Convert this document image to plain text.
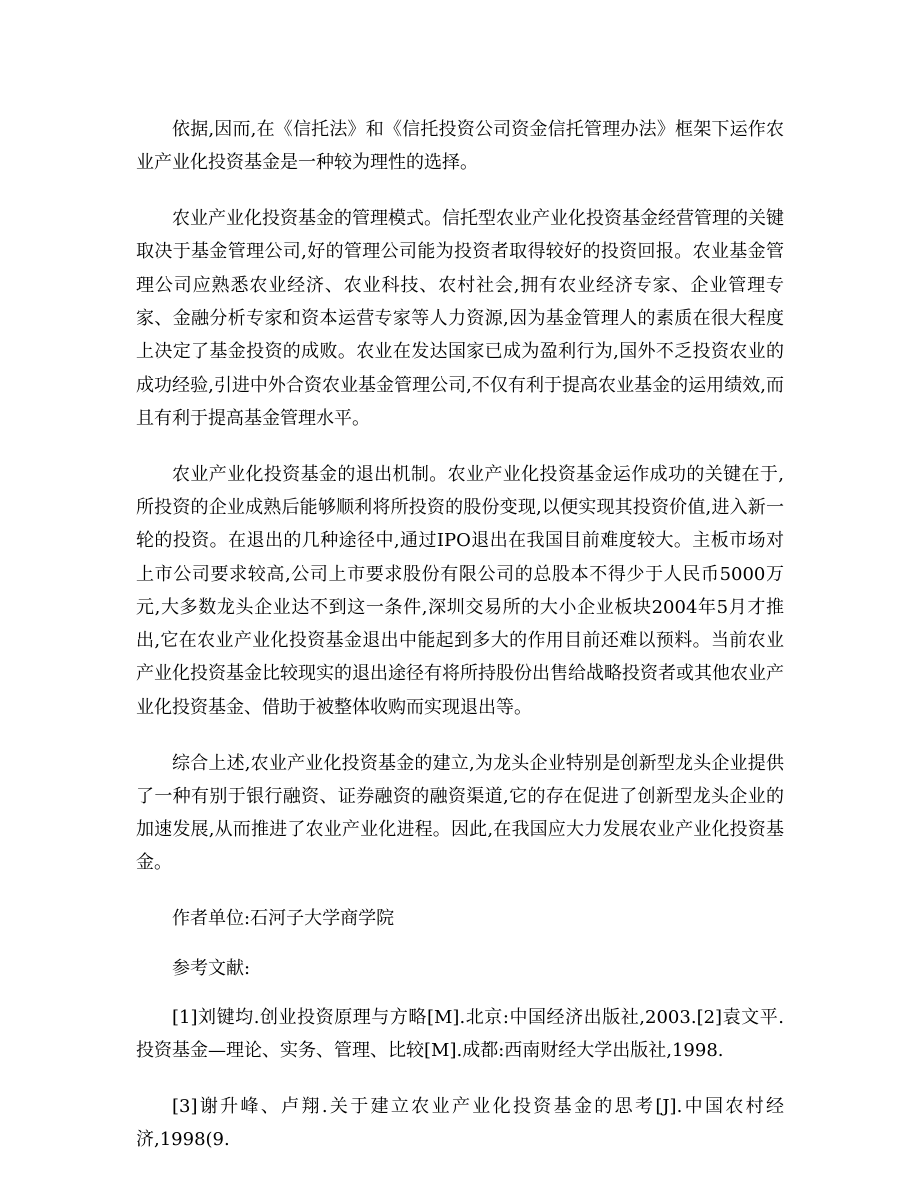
依据,因而,在《信托法》和《信托投资公司资金信托管理办法》框架下运作农业产业化投资基金是一种较为理性的选择。

农业产业化投资基金的管理模式。信托型农业产业化投资基金经营管理的关键取决于基金管理公司,好的管理公司能为投资者取得较好的投资回报。农业基金管理公司应熟悉农业经济、农业科技、农村社会,拥有农业经济专家、企业管理专家、金融分析专家和资本运营专家等人力资源,因为基金管理人的素质在很大程度上决定了基金投资的成败。农业在发达国家已成为盈利行为,国外不乏投资农业的成功经验,引进中外合资农业基金管理公司,不仅有利于提高农业基金的运用绩效,而且有利于提高基金管理水平。

农业产业化投资基金的退出机制。农业产业化投资基金运作成功的关键在于,所投资的企业成熟后能够顺利将所投资的股份变现,以便实现其投资价值,进入新一轮的投资。在退出的几种途径中,通过IPO退出在我国目前难度较大。主板市场对上市公司要求较高,公司上市要求股份有限公司的总股本不得少于人民币5000万元,大多数龙头企业达不到这一条件,深圳交易所的大小企业板块2004年5月才推出,它在农业产业化投资基金退出中能起到多大的作用目前还难以预料。当前农业产业化投资基金比较现实的退出途径有将所持股份出售给战略投资者或其他农业产业化投资基金、借助于被整体收购而实现退出等。

综合上述,农业产业化投资基金的建立,为龙头企业特别是创新型龙头企业提供了一种有别于银行融资、证券融资的融资渠道,它的存在促进了创新型龙头企业的加速发展,从而推进了农业产业化进程。因此,在我国应大力发展农业产业化投资基金。

作者单位:石河子大学商学院

参考文献:

[1]刘键均.创业投资原理与方略[M].北京:中国经济出版社,2003.[2]袁文平.投资基金—理论、实务、管理、比较[M].成都:西南财经大学出版社,1998.

[3]谢升峰、卢翔.关于建立农业产业化投资基金的思考[J].中国农村经济,1998(9.
